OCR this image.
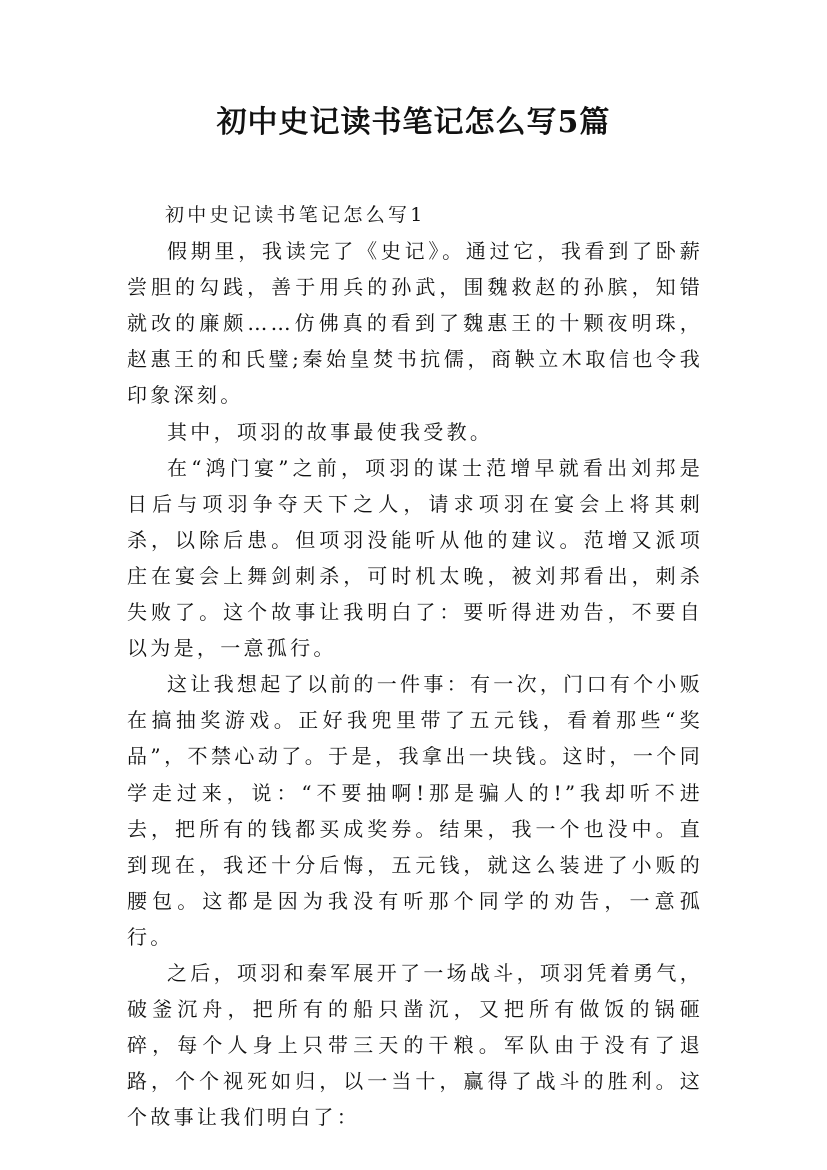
初中史记读书笔记怎么写5篇

初中史记读书笔记怎么写1

假期里，我读完了《史记》。通过它，我看到了卧薪尝胆的勾践，善于用兵的孙武，围魏救赵的孙膑，知错就改的廉颇……仿佛真的看到了魏惠王的十颗夜明珠，赵惠王的和氏璧;秦始皇焚书抗儒，商鞅立木取信也令我印象深刻。

其中，项羽的故事最使我受教。

在“鸿门宴”之前，项羽的谋士范增早就看出刘邦是日后与项羽争夺天下之人，请求项羽在宴会上将其刺杀，以除后患。但项羽没能听从他的建议。范增又派项庄在宴会上舞剑刺杀，可时机太晚，被刘邦看出，刺杀失败了。这个故事让我明白了：要听得进劝告，不要自以为是，一意孤行。

这让我想起了以前的一件事：有一次，门口有个小贩在搞抽奖游戏。正好我兜里带了五元钱，看着那些“奖品”，不禁心动了。于是，我拿出一块钱。这时，一个同学走过来，说：“不要抽啊!那是骗人的!”我却听不进去，把所有的钱都买成奖券。结果，我一个也没中。直到现在，我还十分后悔，五元钱，就这么装进了小贩的腰包。这都是因为我没有听那个同学的劝告，一意孤行。

之后，项羽和秦军展开了一场战斗，项羽凭着勇气，破釜沉舟，把所有的船只凿沉，又把所有做饭的锅砸碎，每个人身上只带三天的干粮。军队由于没有了退路，个个视死如归，以一当十，赢得了战斗的胜利。这个故事让我们明白了：
